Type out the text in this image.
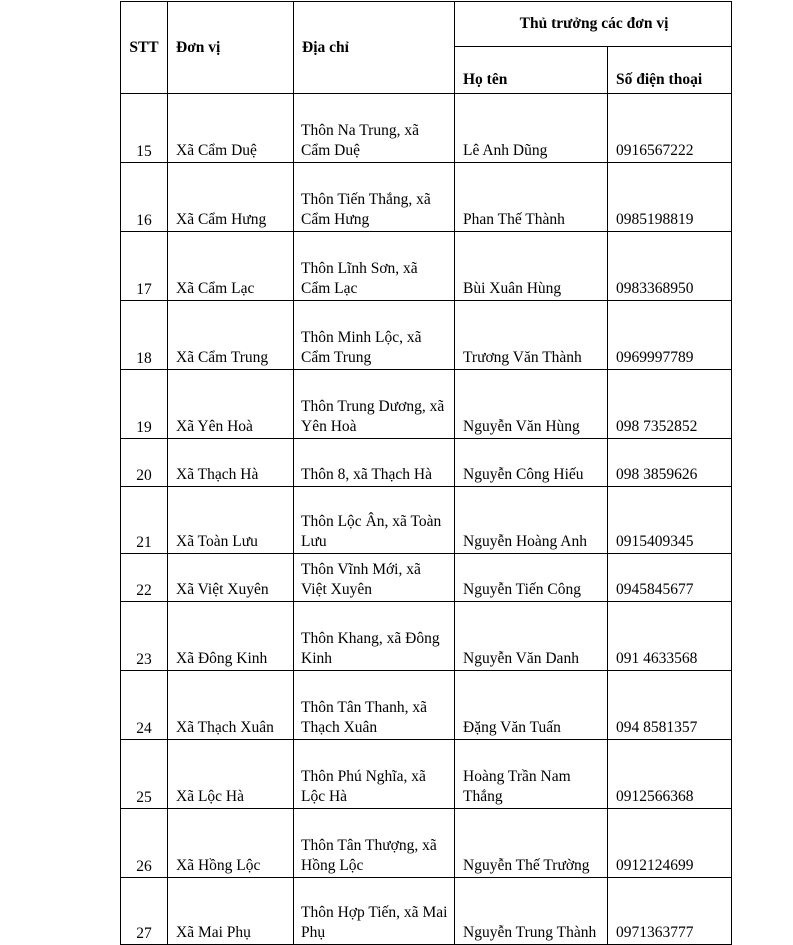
STT	Đơn vị	Địa chỉ	Thủ trưởng các đơn vị	
			Họ tên	Số điện thoại
15	Xã Cẩm Duệ	Thôn Na Trung, xã Cẩm Duệ	Lê Anh Dũng	0916567222
16	Xã Cẩm Hưng	Thôn Tiến Thắng, xã Cẩm Hưng	Phan Thế Thành	0985198819
17	Xã Cẩm Lạc	Thôn Lĩnh Sơn, xã Cẩm Lạc	Bùi Xuân Hùng	0983368950
18	Xã Cẩm Trung	Thôn Minh Lộc, xã Cẩm Trung	Trương Văn Thành	0969997789
19	Xã Yên Hoà	Thôn Trung Dương, xã Yên Hoà	Nguyễn Văn Hùng	098 7352852
20	Xã Thạch Hà	Thôn 8, xã Thạch Hà	Nguyễn Công Hiếu	098 3859626
21	Xã Toàn Lưu	Thôn Lộc Ân, xã Toàn Lưu	Nguyễn Hoàng Anh	0915409345
22	Xã Việt Xuyên	Thôn Vĩnh Mới, xã Việt Xuyên	Nguyễn Tiến Công	0945845677
23	Xã Đông Kinh	Thôn Khang, xã Đông Kinh	Nguyễn Văn Danh	091 4633568
24	Xã Thạch Xuân	Thôn Tân Thanh, xã Thạch Xuân	Đặng Văn Tuấn	094 8581357
25	Xã Lộc Hà	Thôn Phú Nghĩa, xã Lộc Hà	Hoàng Trần Nam Thắng	0912566368
26	Xã Hồng Lộc	Thôn Tân Thượng, xã Hồng Lộc	Nguyễn Thế Trường	0912124699
27	Xã Mai Phụ	Thôn Hợp Tiến, xã Mai Phụ	Nguyễn Trung Thành	0971363777
